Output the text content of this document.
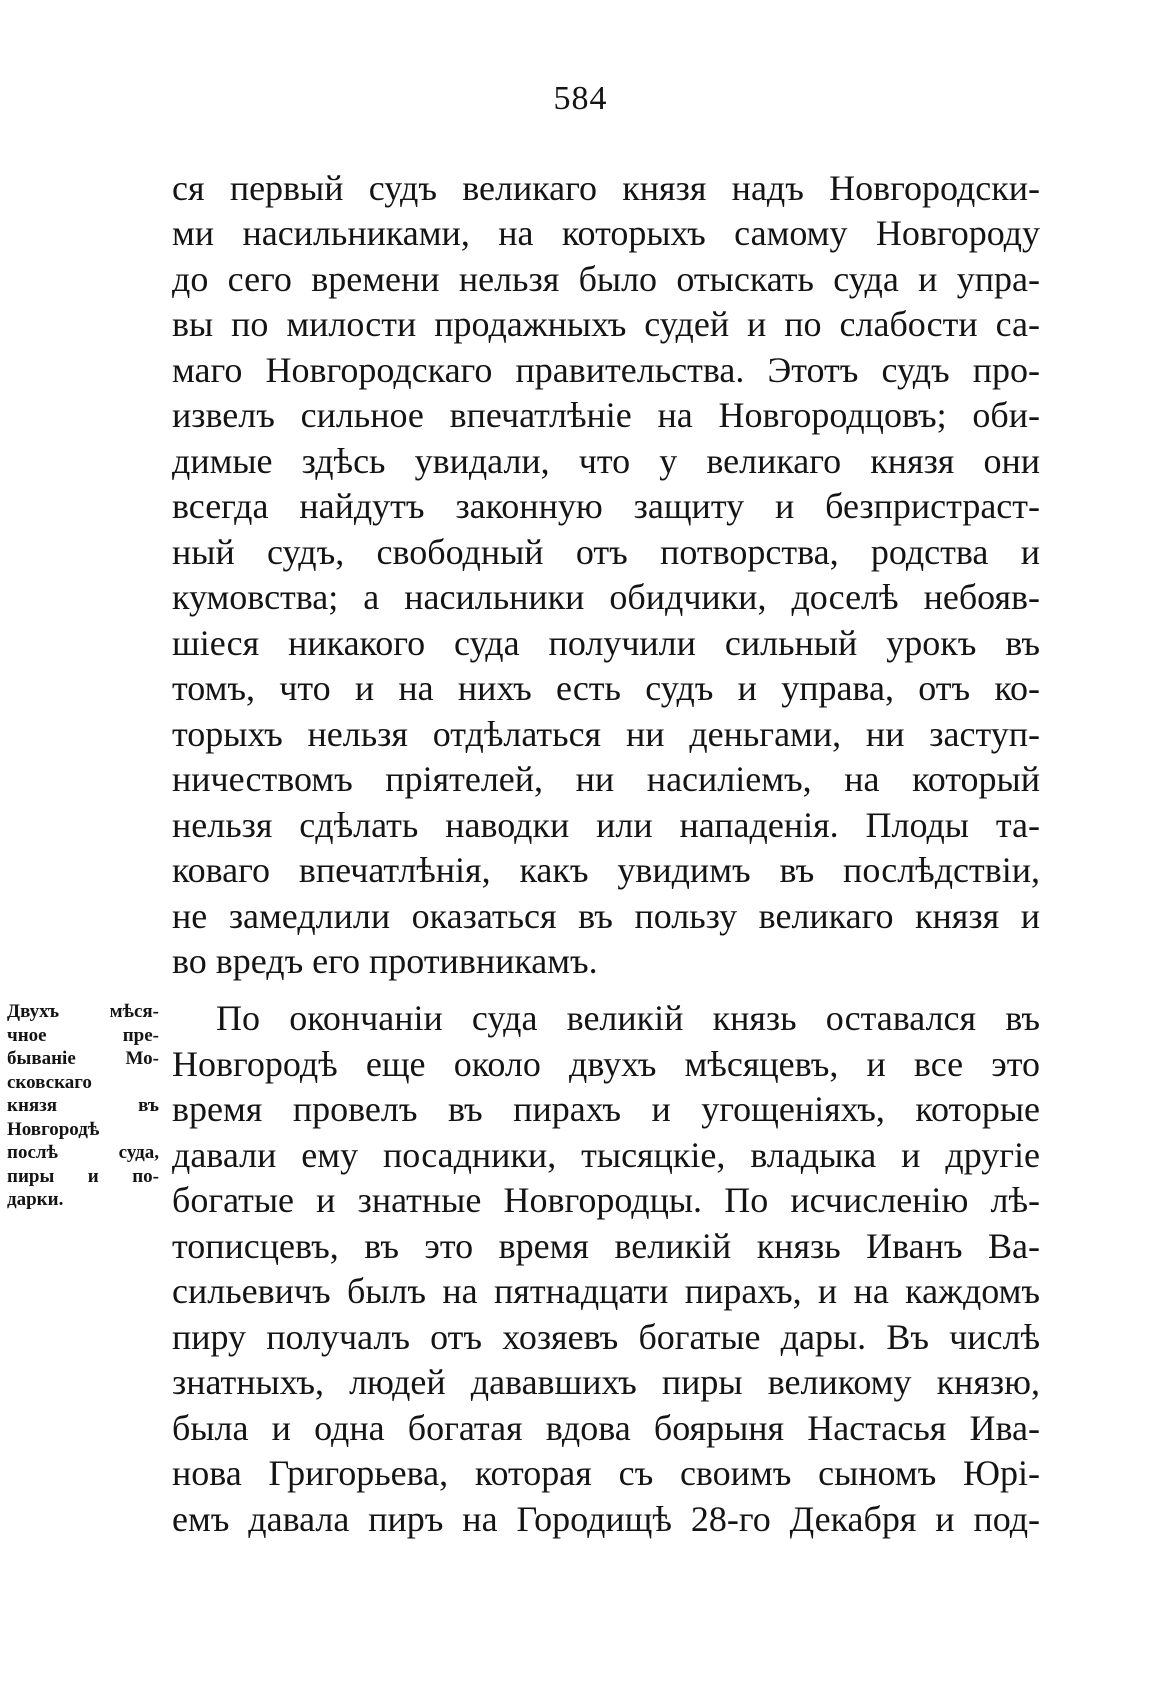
584
Двухъ мѣся-
чное пре-
бываніе Мо-
сковскаго
князя въ
Новгородѣ
послѣ суда,
пиры и по-
дарки.
ся первый судъ великаго князя надъ Новгородски-
ми насильниками, на которыхъ самому Новгороду
до сего времени нельзя было отыскать суда и упра-
вы по милости продажныхъ судей и по слабости са-
маго Новгородскаго правительства. Этотъ судъ про-
извелъ сильное впечатлѣніе на Новгородцовъ; оби-
димые здѣсь увидали, что у великаго князя они
всегда найдутъ законную защиту и безпристраст-
ный судъ, свободный отъ потворства, родства и
кумовства; а насильники обидчики, доселѣ небояв-
шіеся никакого суда получили сильный урокъ въ
томъ, что и на нихъ есть судъ и управа, отъ ко-
торыхъ нельзя отдѣлаться ни деньгами, ни заступ-
ничествомъ пріятелей, ни насиліемъ, на который
нельзя сдѣлать наводки или нападенія. Плоды та-
коваго впечатлѣнія, какъ увидимъ въ послѣдствіи,
не замедлили оказаться въ пользу великаго князя и
во вредъ его противникамъ.
По окончаніи суда великій князь оставался въ
Новгородѣ еще около двухъ мѣсяцевъ, и все это
время провелъ въ пирахъ и угощеніяхъ, которые
давали ему посадники, тысяцкіе, владыка и другіе
богатые и знатные Новгородцы. По исчисленію лѣ-
тописцевъ, въ это время великій князь Иванъ Ва-
сильевичъ былъ на пятнадцати пирахъ, и на каждомъ
пиру получалъ отъ хозяевъ богатые дары. Въ числѣ
знатныхъ, людей дававшихъ пиры великому князю,
была и одна богатая вдова боярыня Настасья Ива-
нова Григорьева, которая съ своимъ сыномъ Юрі-
емъ давала пиръ на Городищѣ 28-го Декабря и под-
